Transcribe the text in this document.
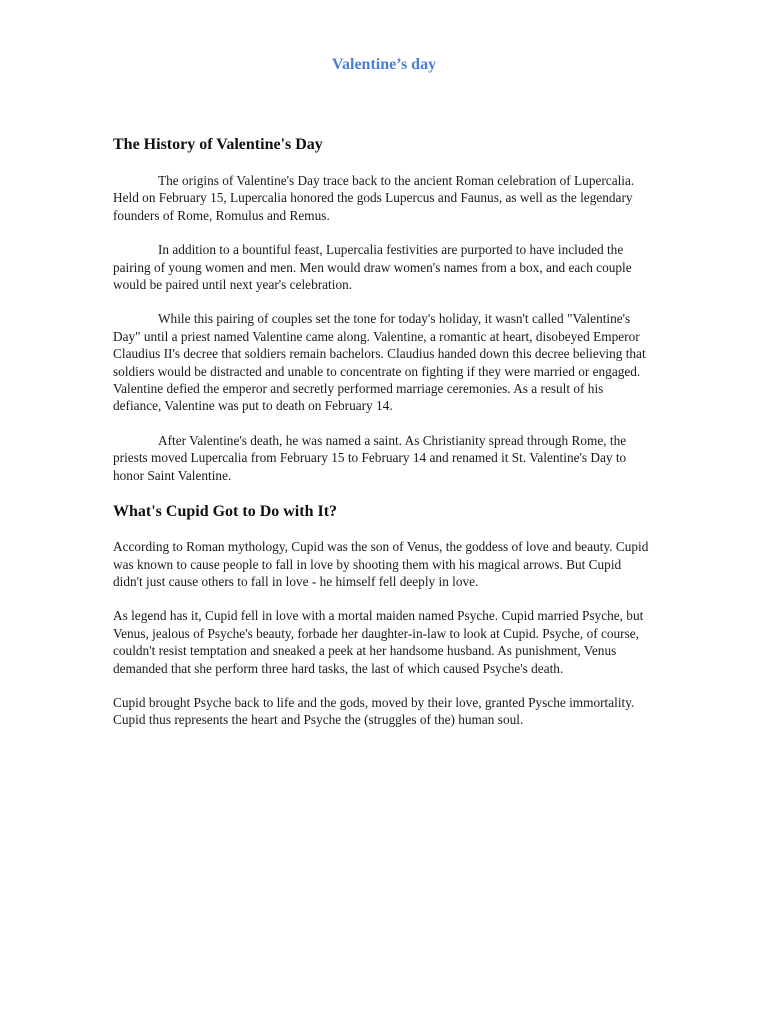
Valentine’s day
The History of Valentine's Day

The origins of Valentine's Day trace back to the ancient Roman celebration of Lupercalia. Held on February 15, Lupercalia honored the gods Lupercus and Faunus, as well as the legendary founders of Rome, Romulus and Remus.

In addition to a bountiful feast, Lupercalia festivities are purported to have included the pairing of young women and men. Men would draw women's names from a box, and each couple would be paired until next year's celebration.

While this pairing of couples set the tone for today's holiday, it wasn't called "Valentine's Day" until a priest named Valentine came along. Valentine, a romantic at heart, disobeyed Emperor Claudius II's decree that soldiers remain bachelors. Claudius handed down this decree believing that soldiers would be distracted and unable to concentrate on fighting if they were married or engaged. Valentine defied the emperor and secretly performed marriage ceremonies. As a result of his defiance, Valentine was put to death on February 14.

After Valentine's death, he was named a saint. As Christianity spread through Rome, the priests moved Lupercalia from February 15 to February 14 and renamed it St. Valentine's Day to honor Saint Valentine.

What's Cupid Got to Do with It?

According to Roman mythology, Cupid was the son of Venus, the goddess of love and beauty. Cupid was known to cause people to fall in love by shooting them with his magical arrows. But Cupid didn't just cause others to fall in love - he himself fell deeply in love.

As legend has it, Cupid fell in love with a mortal maiden named Psyche. Cupid married Psyche, but Venus, jealous of Psyche's beauty, forbade her daughter-in-law to look at Cupid. Psyche, of course, couldn't resist temptation and sneaked a peek at her handsome husband. As punishment, Venus demanded that she perform three hard tasks, the last of which caused Psyche's death.

Cupid brought Psyche back to life and the gods, moved by their love, granted Pysche immortality. Cupid thus represents the heart and Psyche the (struggles of the) human soul.
